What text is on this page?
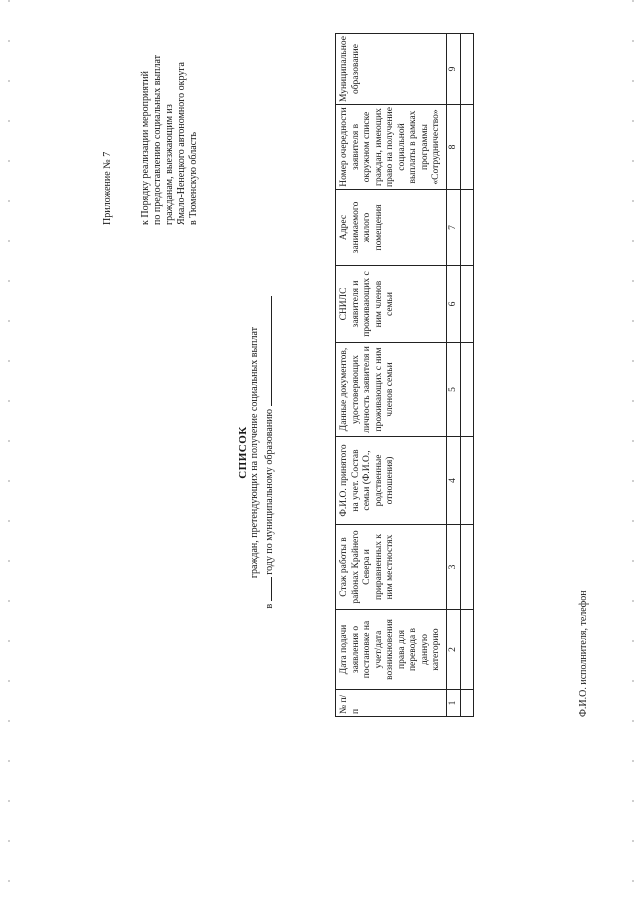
Приложение № 7	к Порядку реализации мероприятий по предоставлению социальных выплат гражданам, выезжающим из Ямало-Ненецкого автономного округа в Тюменскую область
СПИСОК граждан, претендующих на получение социальных выплат
в  году по муниципальному образованию
№ п/п	Дата подачи заявления о постановке на учет/дата возникновения права для перевода в данную категорию	Стаж работы в районах Крайнего Севера и приравненных к ним местностях	Ф.И.О. принятого на учет. Состав семьи (Ф.И.О., родственные отношения)	Данные документов, удостоверяющих личность заявителя и проживающих с ним членов семьи	СНИЛС заявителя и проживающих с ним членов семьи	Адрес занимаемого жилого помещения	Номер очередности заявителя в окружном списке граждан, имеющих право на получение социальной выплаты в рамках программы «Сотрудничество»	Муниципальное образование
1	2	3	4	5	6	7	8	9

Ф.И.О. исполнителя, телефон
